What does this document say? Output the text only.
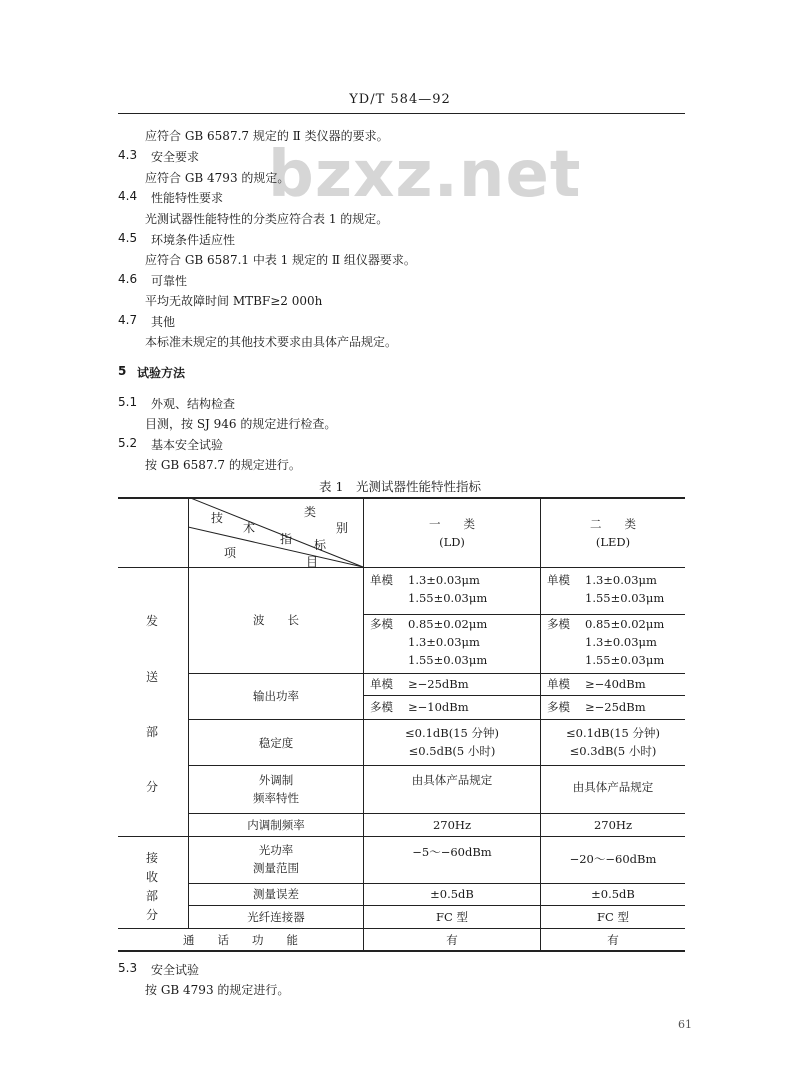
YD/T 584—92
bzxz.net
应符合 GB 6587.7 规定的 Ⅱ 类仪器的要求。
4.3 安全要求
应符合 GB 4793 的规定。
4.4 性能特性要求
光测试器性能特性的分类应符合表 1 的规定。
4.5 环境条件适应性
应符合 GB 6587.1 中表 1 规定的 Ⅱ 组仪器要求。
4.6 可靠性
平均无故障时间 MTBF≥2 000h
4.7 其他
本标准未规定的其他技术要求由具体产品规定。
5 试验方法
5.1 外观、结构检查
目测，按 SJ 946 的规定进行检查。
5.2 基本安全试验
按 GB 6587.7 的规定进行。
表 1　光测试器性能特性指标
技
术
类
别
指 标
项
目
一　　类
(LD)
二　　类
(LED)
发
送
部
分
接
收
部
分
波　　长
输出功率
稳定度
外调制
频率特性
内调制频率
光功率
测量范围
测量误差
光纤连接器
通　　话　　功　　能
单模 1.3±0.03μm
1.55±0.03μm
多模 0.85±0.02μm
1.3±0.03μm
1.55±0.03μm
单模 ≥−25dBm
多模 ≥−10dBm
≤0.1dB(15 分钟)
≤0.5dB(5 小时)
由具体产品规定
270Hz
−5～−60dBm
±0.5dB
FC 型
有
单模 1.3±0.03μm
1.55±0.03μm
多模 0.85±0.02μm
1.3±0.03μm
1.55±0.03μm
单模 ≥−40dBm
多模 ≥−25dBm
≤0.1dB(15 分钟)
≤0.3dB(5 小时)
由具体产品规定
270Hz
−20～−60dBm
±0.5dB
FC 型
有
5.3 安全试验
按 GB 4793 的规定进行。
61
